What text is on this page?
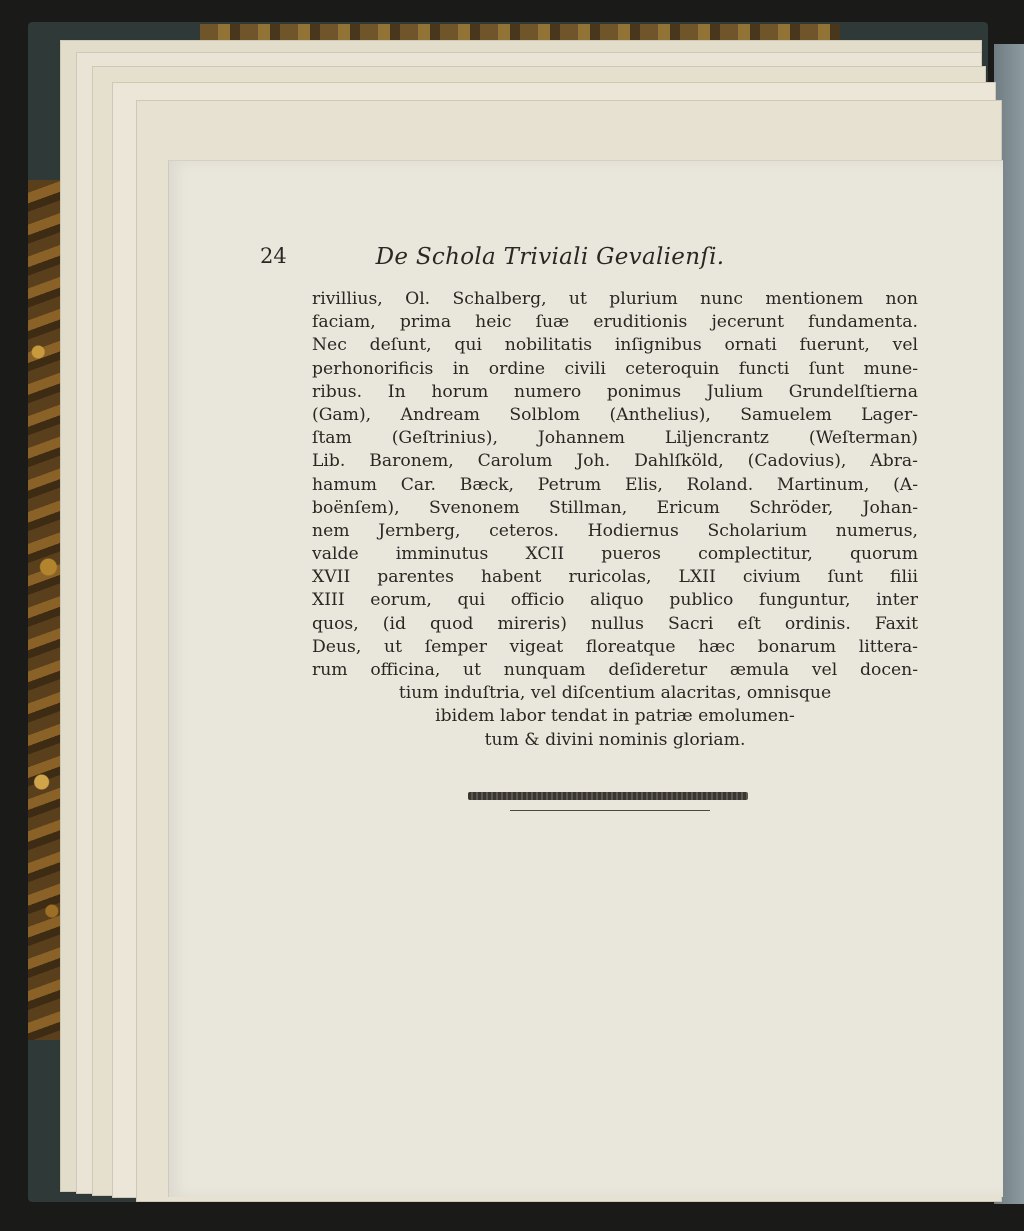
24	De Schola Triviali Gevalienſi.
rivillius, Ol. Schalberg, ut plurium nunc mentionem non
faciam, prima heic ſuæ eruditionis jecerunt fundamenta.
Nec deſunt, qui nobilitatis inſignibus ornati fuerunt, vel
perhonorificis in ordine civili ceteroquin functi ſunt mune-
ribus. In horum numero ponimus Julium Grundelſtierna
(Gam), Andream Solblom (Anthelius), Samuelem Lager-
ſtam (Geſtrinius), Johannem Liljencrantz (Weſterman)
Lib. Baronem, Carolum Joh. Dahlſköld, (Cadovius), Abra-
hamum Car. Bæck, Petrum Elis, Roland. Martinum, (A-
boënſem), Svenonem Stillman, Ericum Schröder, Johan-
nem Jernberg, ceteros. Hodiernus Scholarium numerus,
valde imminutus XCII pueros complectitur, quorum
XVII parentes habent ruricolas, LXII civium ſunt filii
XIII eorum, qui officio aliquo publico funguntur, inter
quos, (id quod mireris) nullus Sacri eſt ordinis. Faxit
Deus, ut ſemper vigeat floreatque hæc bonarum littera-
rum officina, ut nunquam deſideretur æmula vel docen-
tium induſtria, vel diſcentium alacritas, omnisque
ibidem labor tendat in patriæ emolumen-
tum & divini nominis gloriam.
